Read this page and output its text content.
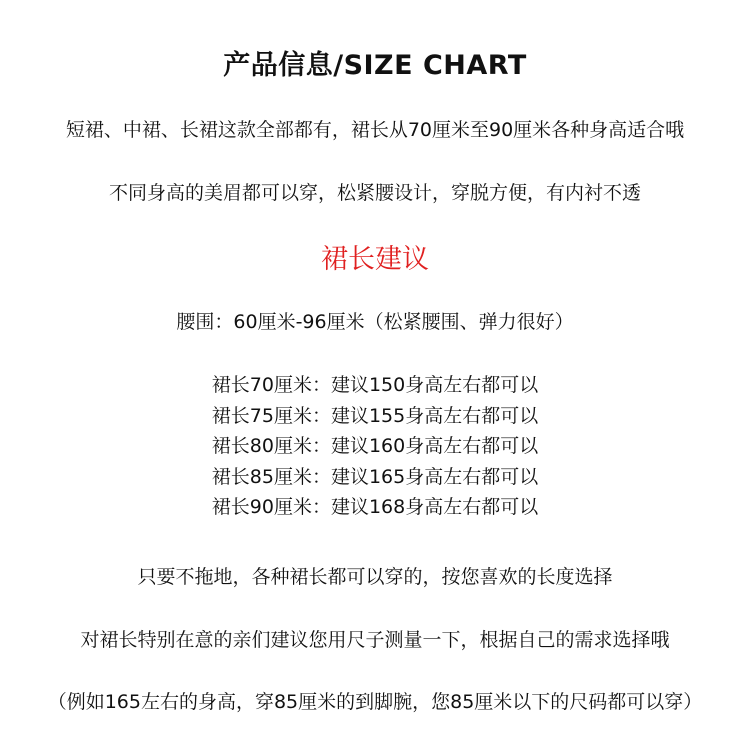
产品信息/SIZE CHART

短裙、中裙、长裙这款全部都有，裙长从70厘米至90厘米各种身高适合哦

不同身高的美眉都可以穿，松紧腰设计，穿脱方便，有内衬不透

裙长建议

腰围：60厘米-96厘米（松紧腰围、弹力很好）

裙长70厘米：建议150身高左右都可以
裙长75厘米：建议155身高左右都可以
裙长80厘米：建议160身高左右都可以
裙长85厘米：建议165身高左右都可以
裙长90厘米：建议168身高左右都可以

只要不拖地，各种裙长都可以穿的，按您喜欢的长度选择

对裙长特别在意的亲们建议您用尺子测量一下，根据自己的需求选择哦

（例如165左右的身高，穿85厘米的到脚腕，您85厘米以下的尺码都可以穿）
